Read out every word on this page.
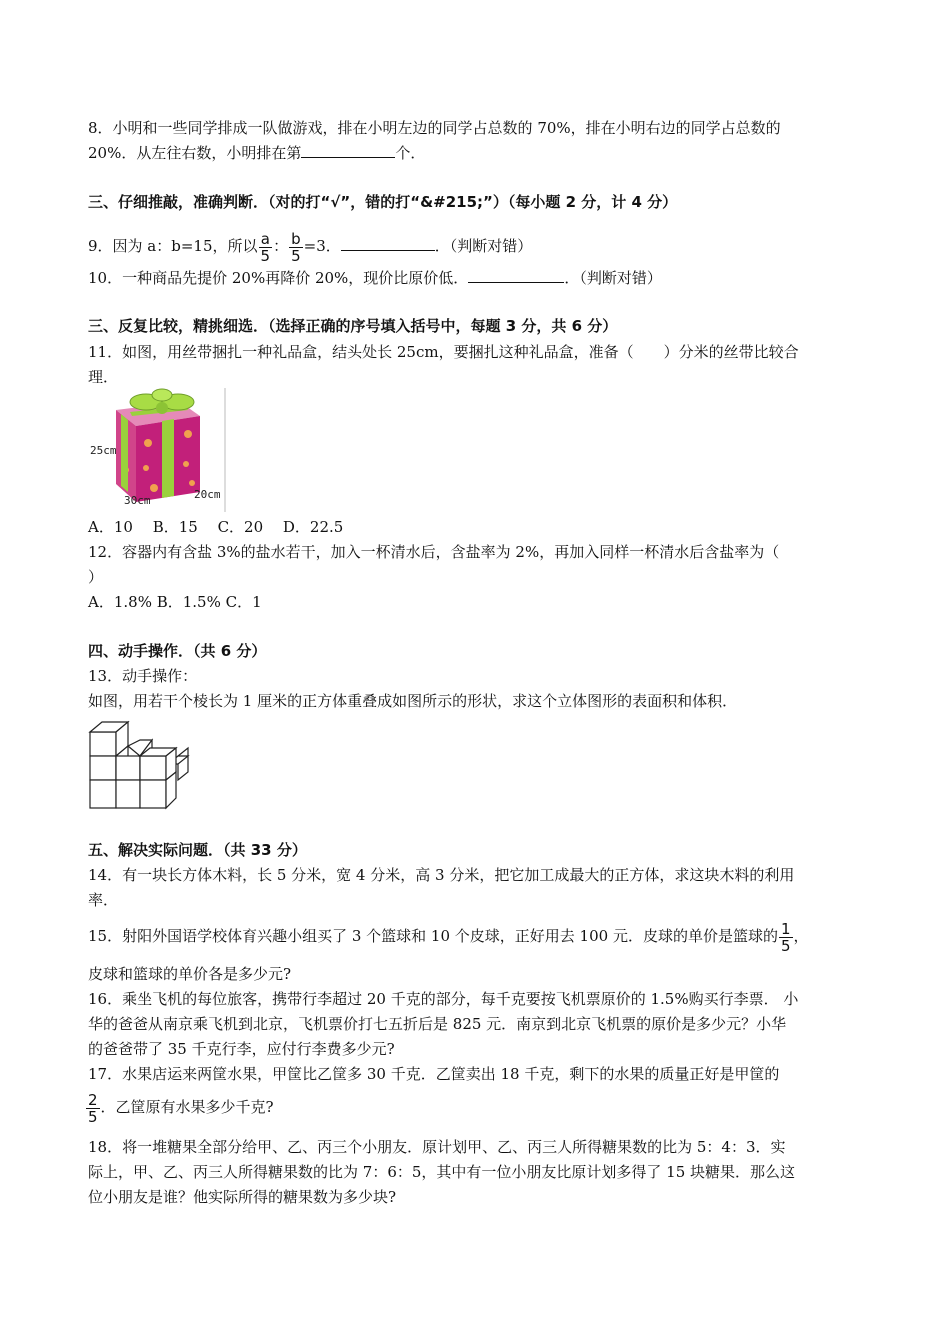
8．小明和一些同学排成一队做游戏，排在小明左边的同学占总数的 70%，排在小明右边的同学占总数的
20%．从左往右数，小明排在第	个．
三、仔细推敲，准确判断．（对的打“√”，错的打“&#215;”）（每小题 2 分，计 4 分）
9．因为 a：b=15，所以 $\frac{a}{5}$ ： $\frac{b}{5} =3$．	．（判断对错）
10．一种商品先提价 20%再降价 20%，现价比原价低．	．（判断对错）
三、反复比较，精挑细选．（选择正确的序号填入括号中，每题 3 分，共 6 分）
11．如图，用丝带捆扎一种礼品盒，结头处长 25cm，要捆扎这种礼品盒，准备（　　）分米的丝带比较合
理．
25cm
30cm	20cm
A．10　 B．15　 C．20　 D．22.5
12．容器内有含盐 3%的盐水若干，加入一杯清水后，含盐率为 2%，再加入同样一杯清水后含盐率为（
）
A．1.8% B．1.5% C．1
四、动手操作．（共 6 分）
13．动手操作：
如图，用若干个棱长为 1 厘米的正方体重叠成如图所示的形状，求这个立体图形的表面积和体积．
五、解决实际问题．（共 33 分）
14．有一块长方体木料，长 5 分米，宽 4 分米，高 3 分米，把它加工成最大的正方体，求这块木料的利用
率．
15．射阳外国语学校体育兴趣小组买了 3 个篮球和 10 个皮球，正好用去 100 元．皮球的单价是篮球的 $\frac{1}{5}$ ，
皮球和篮球的单价各是多少元?
16．乘坐飞机的每位旅客，携带行李超过 20 千克的部分，每千克要按飞机票原价的 1.5%购买行李票． 小
华的爸爸从南京乘飞机到北京，飞机票价打七五折后是 825 元．南京到北京飞机票的原价是多少元？小华
的爸爸带了 35 千克行李，应付行李费多少元?
17．水果店运来两筐水果，甲筐比乙筐多 30 千克．乙筐卖出 18 千克，剩下的水果的质量正好是甲筐的
$\frac{2}{5}$ ．乙筐原有水果多少千克?
18．将一堆糖果全部分给甲、乙、丙三个小朋友．原计划甲、乙、丙三人所得糖果数的比为 5：4：3．实
际上，甲、乙、丙三人所得糖果数的比为 7：6：5，其中有一位小朋友比原计划多得了 15 块糖果．那么这
位小朋友是谁？他实际所得的糖果数为多少块?
